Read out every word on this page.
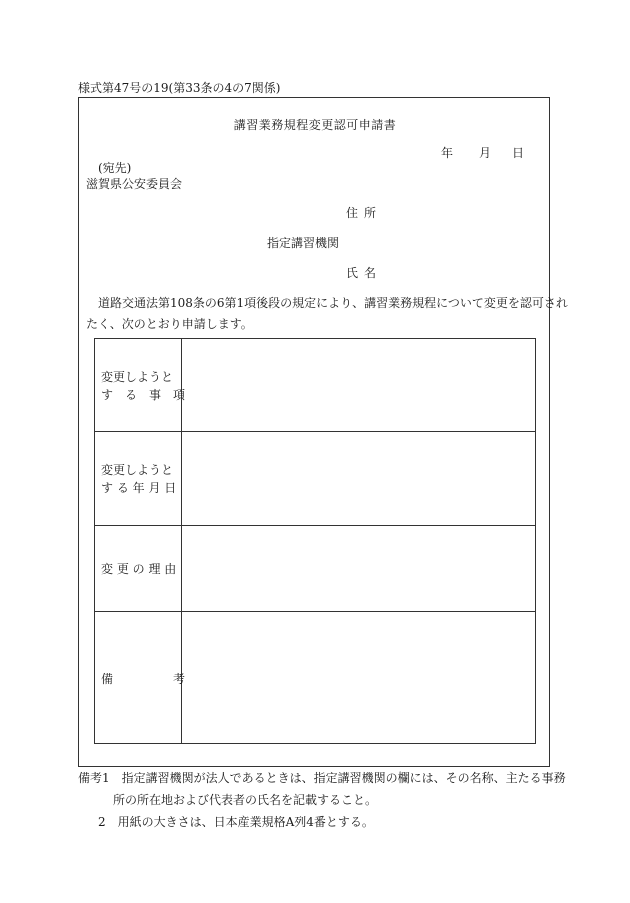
様式第47号の19(第33条の4の7関係)
講習業務規程変更認可申請書
年 月 日
(宛先)
滋賀県公安委員会
住所
指定講習機関
氏名
道路交通法第108条の6第1項後段の規定により、講習業務規程について変更を認可され
たく、次のとおり申請します。
変更しようと
す　る　事　項
変更しようと
す る 年 月 日
変 更 の 理 由
備　　　　　考
備考1　指定講習機関が法人であるときは、指定講習機関の欄には、その名称、主たる事務
所の所在地および代表者の氏名を記載すること。
2　用紙の大きさは、日本産業規格A列4番とする。
